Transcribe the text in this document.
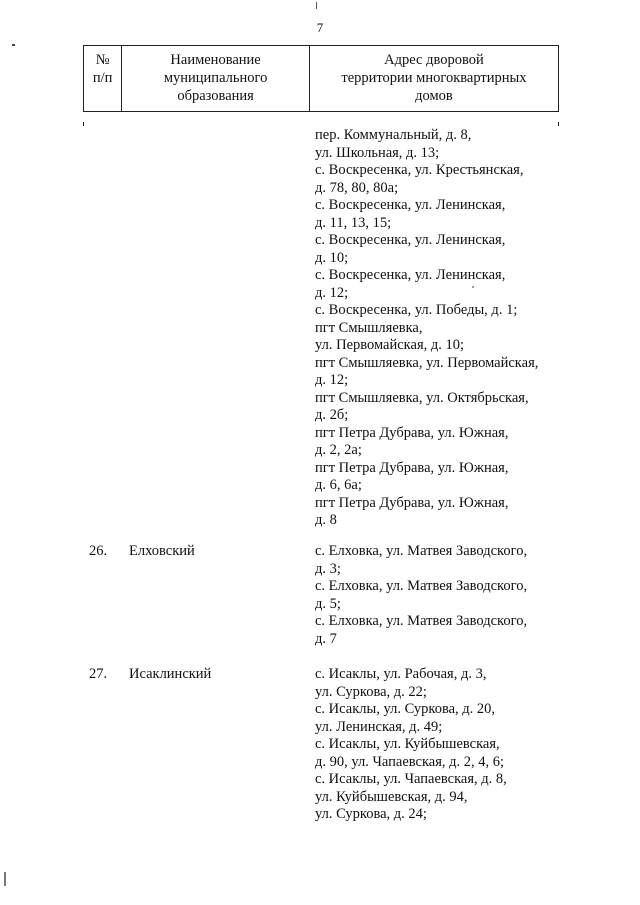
7
№
п/п

Наименование
муниципального
образования

Адрес дворовой
территории многоквартирных
домов
пер. Коммунальный, д. 8,
ул. Школьная, д. 13;
с. Воскресенка, ул. Крестьянская,
д. 78, 80, 80а;
с. Воскресенка, ул. Ленинская,
д. 11, 13, 15;
с. Воскресенка, ул. Ленинская,
д. 10;
с. Воскресенка, ул. Ленинская,
д. 12;
с. Воскресенка, ул. Победы, д. 1;
пгт Смышляевка,
ул. Первомайская, д. 10;
пгт Смышляевка, ул. Первомайская,
д. 12;
пгт Смышляевка, ул. Октябрьская,
д. 2б;
пгт Петра Дубрава, ул. Южная,
д. 2, 2а;
пгт Петра Дубрава, ул. Южная,
д. 6, 6а;
пгт Петра Дубрава, ул. Южная,
д. 8
26. Елховский	с. Елховка, ул. Матвея Заводского,
д. 3;
с. Елховка, ул. Матвея Заводского,
д. 5;
с. Елховка, ул. Матвея Заводского,
д. 7
27. Исаклинский	с. Исаклы, ул. Рабочая, д. 3,
ул. Суркова, д. 22;
с. Исаклы, ул. Суркова, д. 20,
ул. Ленинская, д. 49;
с. Исаклы, ул. Куйбышевская,
д. 90, ул. Чапаевская, д. 2, 4, 6;
с. Исаклы, ул. Чапаевская, д. 8,
ул. Куйбышевская, д. 94,
ул. Суркова, д. 24;
